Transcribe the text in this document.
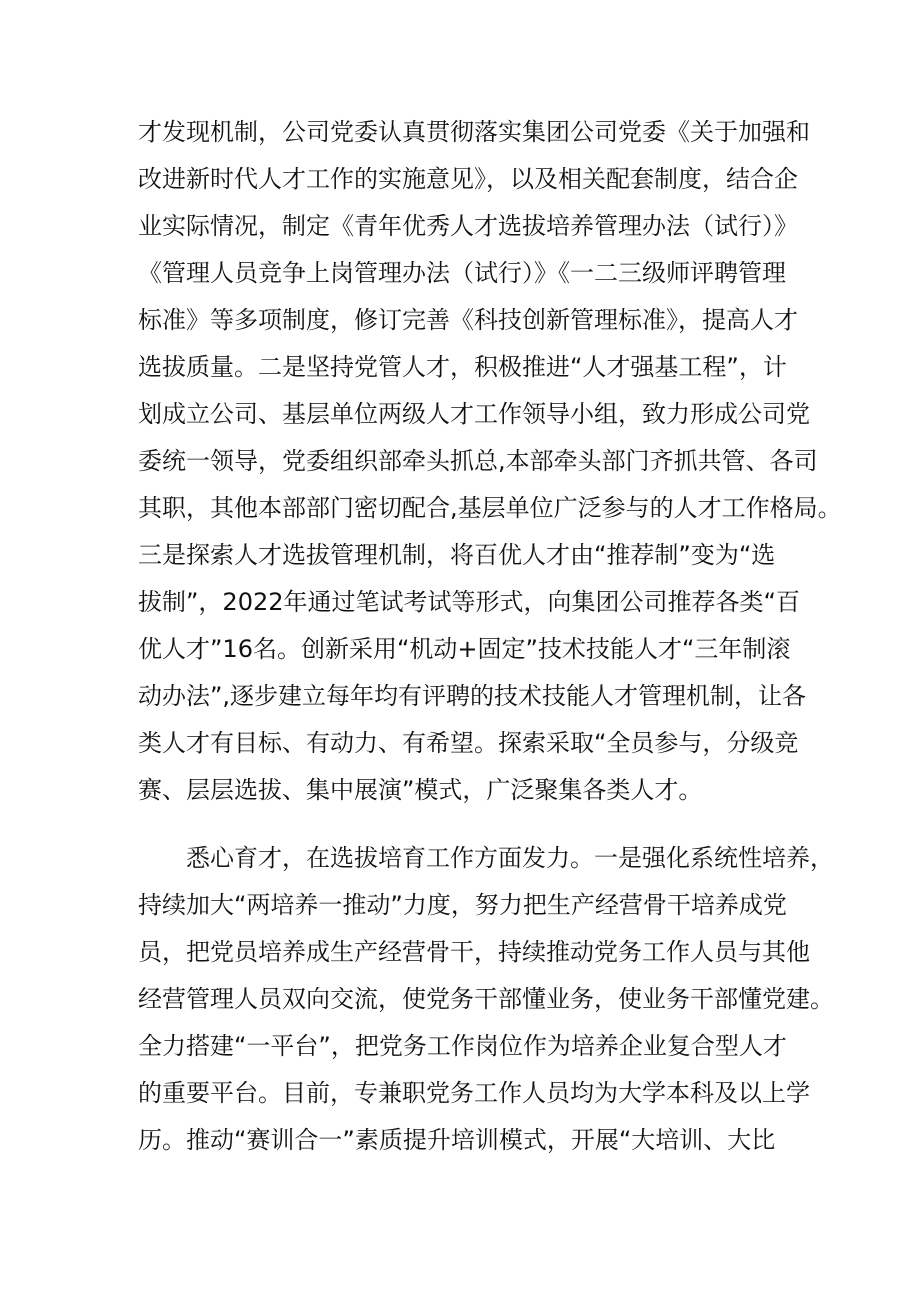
才发现机制，公司党委认真贯彻落实集团公司党委《关于加强和
改进新时代人才工作的实施意见》，以及相关配套制度，结合企
业实际情况，制定《青年优秀人才选拔培养管理办法（试行）》
《管理人员竞争上岗管理办法（试行）》《一二三级师评聘管理
标准》等多项制度，修订完善《科技创新管理标准》，提高人才
选拔质量。二是坚持党管人才，积极推进“人才强基工程”，计
划成立公司、基层单位两级人才工作领导小组，致力形成公司党
委统一领导，党委组织部牵头抓总,本部牵头部门齐抓共管、各司
其职，其他本部部门密切配合,基层单位广泛参与的人才工作格局。
三是探索人才选拔管理机制，将百优人才由“推荐制”变为“选
拔制”，2022年通过笔试考试等形式，向集团公司推荐各类“百
优人才”16名。创新采用“机动+固定”技术技能人才“三年制滚
动办法”,逐步建立每年均有评聘的技术技能人才管理机制，让各
类人才有目标、有动力、有希望。探索采取“全员参与，分级竞
赛、层层选拔、集中展演”模式，广泛聚集各类人才。
悉心育才，在选拔培育工作方面发力。一是强化系统性培养，
持续加大“两培养一推动”力度，努力把生产经营骨干培养成党
员，把党员培养成生产经营骨干，持续推动党务工作人员与其他
经营管理人员双向交流，使党务干部懂业务，使业务干部懂党建。
全力搭建“一平台”，把党务工作岗位作为培养企业复合型人才
的重要平台。目前，专兼职党务工作人员均为大学本科及以上学
历。推动“赛训合一”素质提升培训模式，开展“大培训、大比
